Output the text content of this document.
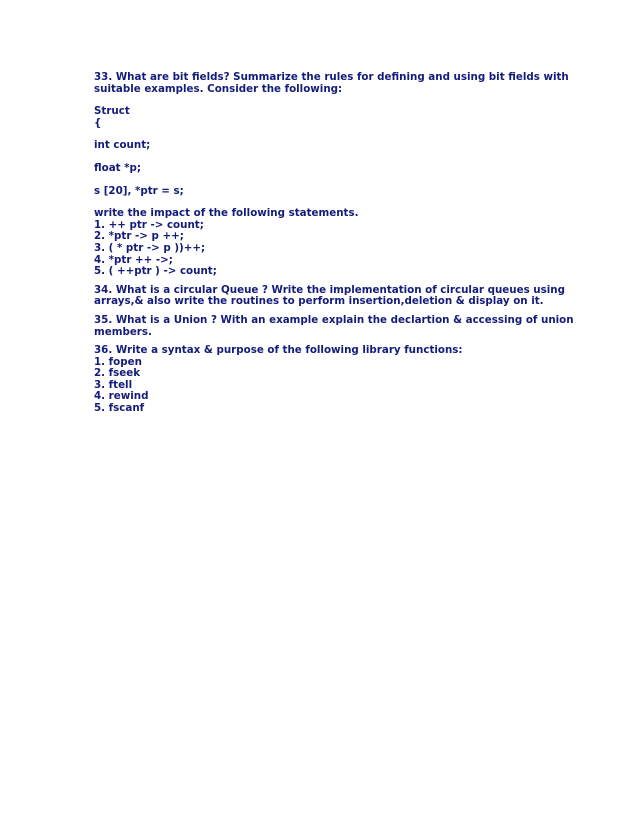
33. What are bit fields? Summarize the rules for defining and using bit fields with
suitable examples. Consider the following:
Struct
{
int count;
float *p;
s [20], *ptr = s;
write the impact of the following statements.
1. ++ ptr -> count;
2. *ptr -> p ++;
3. ( * ptr -> p ))++;
4. *ptr ++ ->;
5. ( ++ptr ) -> count;
34. What is a circular Queue ? Write the implementation of circular queues using
arrays,& also write the routines to perform insertion,deletion & display on it.
35. What is a Union ? With an example explain the declartion & accessing of union
members.
36. Write a syntax & purpose of the following library functions:
1. fopen
2. fseek
3. ftell
4. rewind
5. fscanf
